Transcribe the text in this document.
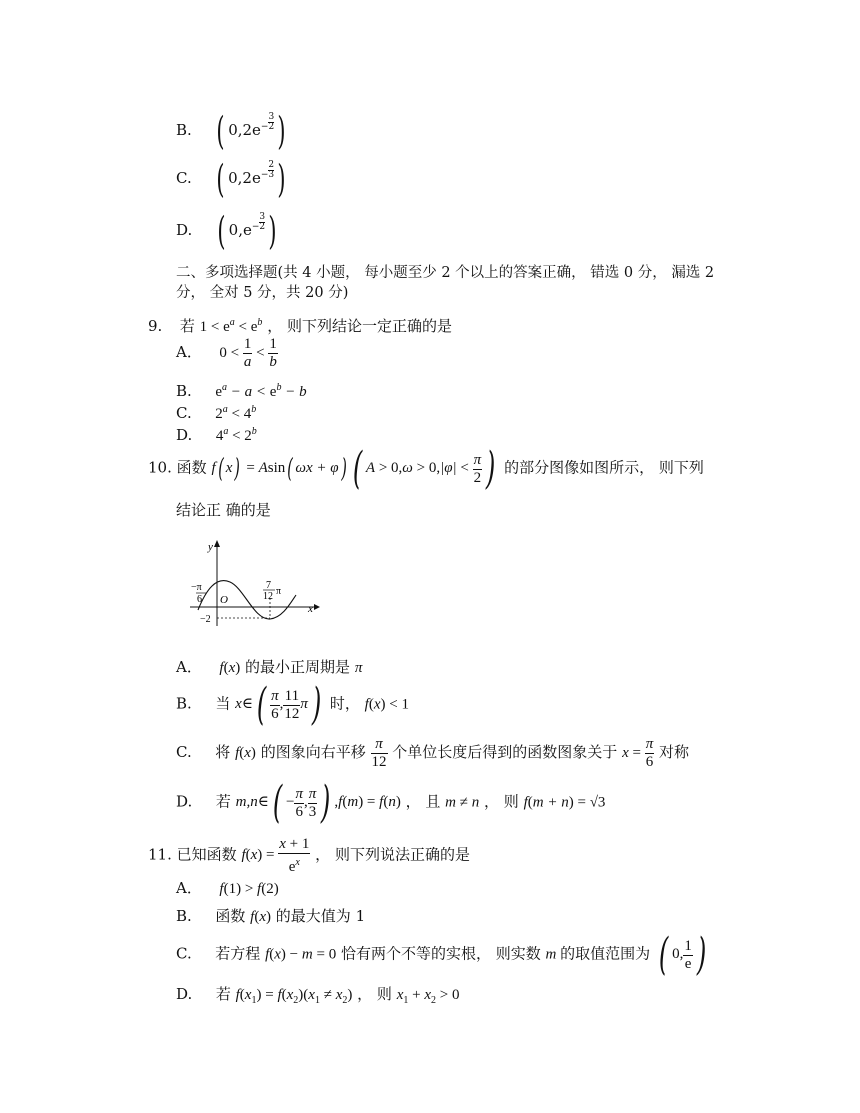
B. ( $0,2e - \frac{3}{2}$ )
C. ( $0,2e - \frac{2}{3}$ )
D. ( $0,e - \frac{3}{2}$ )
二、多项选择题(共 4 小题， 每小题至少 2 个以上的答案正确， 错选 0 分， 漏选 2
分， 全对 5 分，共 20 分)
9. 若 $1 < e^a < e^b$ ， 则下列结论一定正确的是
A． $0 < \frac{1}{a} < \frac{1}{b}$
B. $e^a - a < e^b - b$
C. $2^a < 4^b$
D. $4^a < 2^b$
10. 函数 f( x) = Asin( ωx + φ) ( $A > 0,\omega > 0,|\varphi| < \frac{\pi}{2}$ ) 的部分图像如图所示， 则下列
结论正 确的是
y
x
O
−π
6
7
12 π
−2
A． f(x) 的最小正周期是 π
B. 当 x∈( $\frac{\pi}{6}$ , $\frac{11}{12} \pi$) 时， f(x) < 1
C. 将 f(x) 的图象向右平移 $\frac{\pi}{12}$ 个单位长度后得到的函数图象关于 $x = \frac{\pi}{6}$ 对称
D. 若 m,n∈( − $\frac{\pi}{6}$ , $\frac{\pi}{3}$ ) ,f(m) = f(n) ， 且 m ≠ n ， 则 f(m + n) = √3
11. 已知函数 $f(x) = \frac{x + 1}{e^x}$ ， 则下列说法正确的是
A． f(1) > f(2)
B. 函数 f(x) 的最大值为 1
C. 若方程 f(x) − m = 0 恰有两个不等的实根， 则实数 m 的取值范围为 ( 0, $\frac{1}{e}$ )
D. 若 $f(x_1) = f(x_2)(x_1 \ne x_2)$ ， 则 $x_1 + x_2 > 0$
